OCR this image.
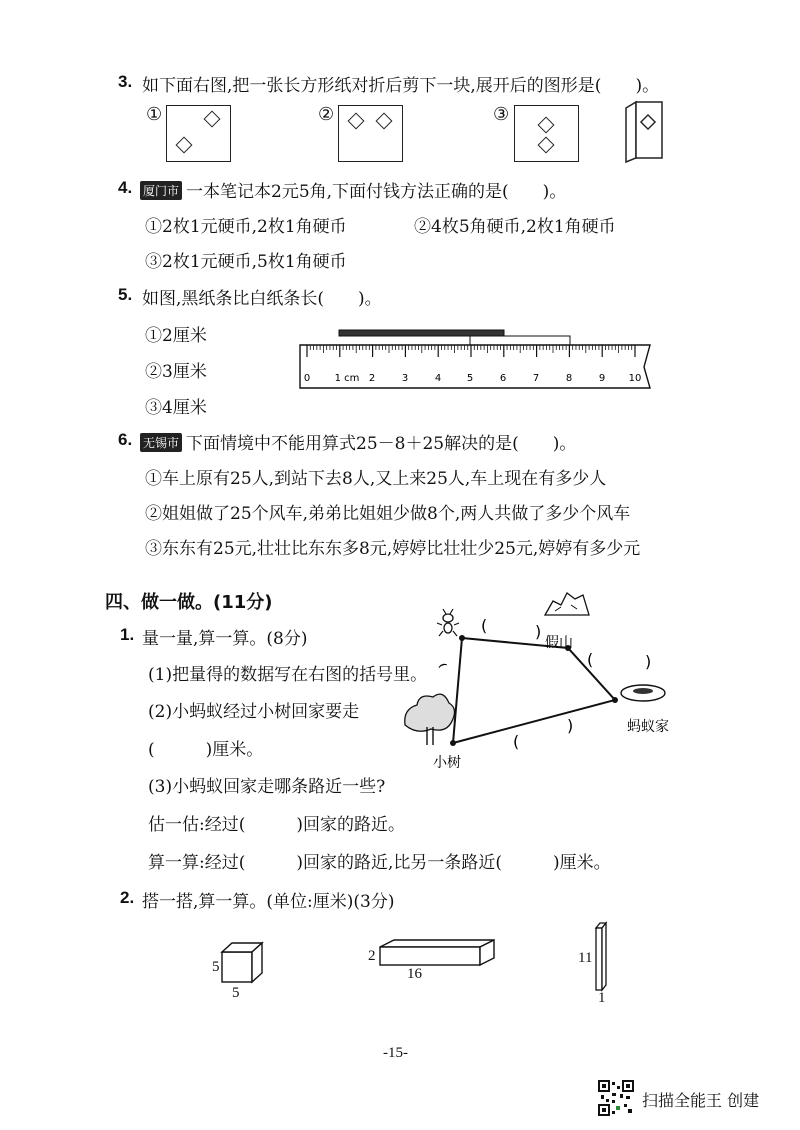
3. 如下面右图,把一张长方形纸对折后剪下一块,展开后的图形是(　　)。
①	②	③
4. 厦门市 一本笔记本2元5角,下面付钱方法正确的是(　　)。
①2枚1元硬币,2枚1角硬币	②4枚5角硬币,2枚1角硬币
③2枚1元硬币,5枚1角硬币
5. 如图,黑纸条比白纸条长(　　)。
①2厘米
②3厘米
③4厘米
0 1 cm 2	3	4	5	6	7	8	9 10
6. 无锡市 下面情境中不能用算式25－8＋25解决的是(　　)。
①车上原有25人,到站下去8人,又上来25人,车上现在有多少人
②姐姐做了25个风车,弟弟比姐姐少做8个,两人共做了多少个风车
③东东有25元,壮壮比东东多8元,婷婷比壮壮少25元,婷婷有多少元
四、做一做。(11分)
1. 量一量,算一算。(8分)
(1)把量得的数据写在右图的括号里。
(2)小蚂蚁经过小树回家要走
(　　　)厘米。
(3)小蚂蚁回家走哪条路近一些?
估一估:经过(　　　)回家的路近。
算一算:经过(　　　)回家的路近,比另一条路近(　　　)厘米。
(	)
(	)
)
(
⌢
假山
蚂蚁家
小树
2. 搭一搭,算一算。(单位:厘米)(3分)
5
5
2
16
11
1
-15-
扫描全能王 创建
